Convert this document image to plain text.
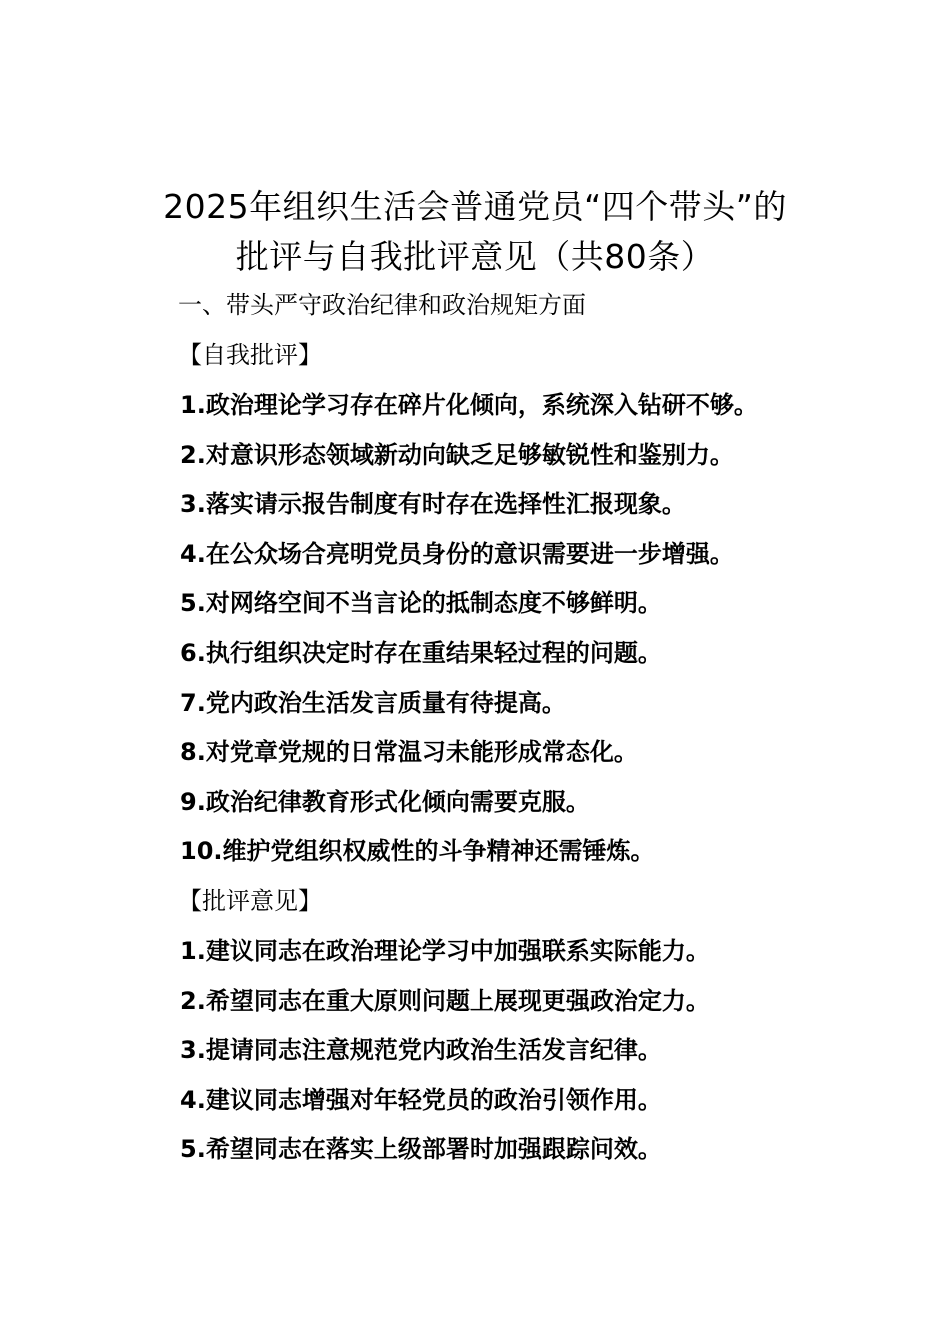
2025年组织生活会普通党员“四个带头”的
批评与自我批评意见（共80条）
一、带头严守政治纪律和政治规矩方面
【自我批评】
1.政治理论学习存在碎片化倾向，系统深入钻研不够。
2.对意识形态领域新动向缺乏足够敏锐性和鉴别力。
3.落实请示报告制度有时存在选择性汇报现象。
4.在公众场合亮明党员身份的意识需要进一步增强。
5.对网络空间不当言论的抵制态度不够鲜明。
6.执行组织决定时存在重结果轻过程的问题。
7.党内政治生活发言质量有待提高。
8.对党章党规的日常温习未能形成常态化。
9.政治纪律教育形式化倾向需要克服。
10.维护党组织权威性的斗争精神还需锤炼。
【批评意见】
1.建议同志在政治理论学习中加强联系实际能力。
2.希望同志在重大原则问题上展现更强政治定力。
3.提请同志注意规范党内政治生活发言纪律。
4.建议同志增强对年轻党员的政治引领作用。
5.希望同志在落实上级部署时加强跟踪问效。
